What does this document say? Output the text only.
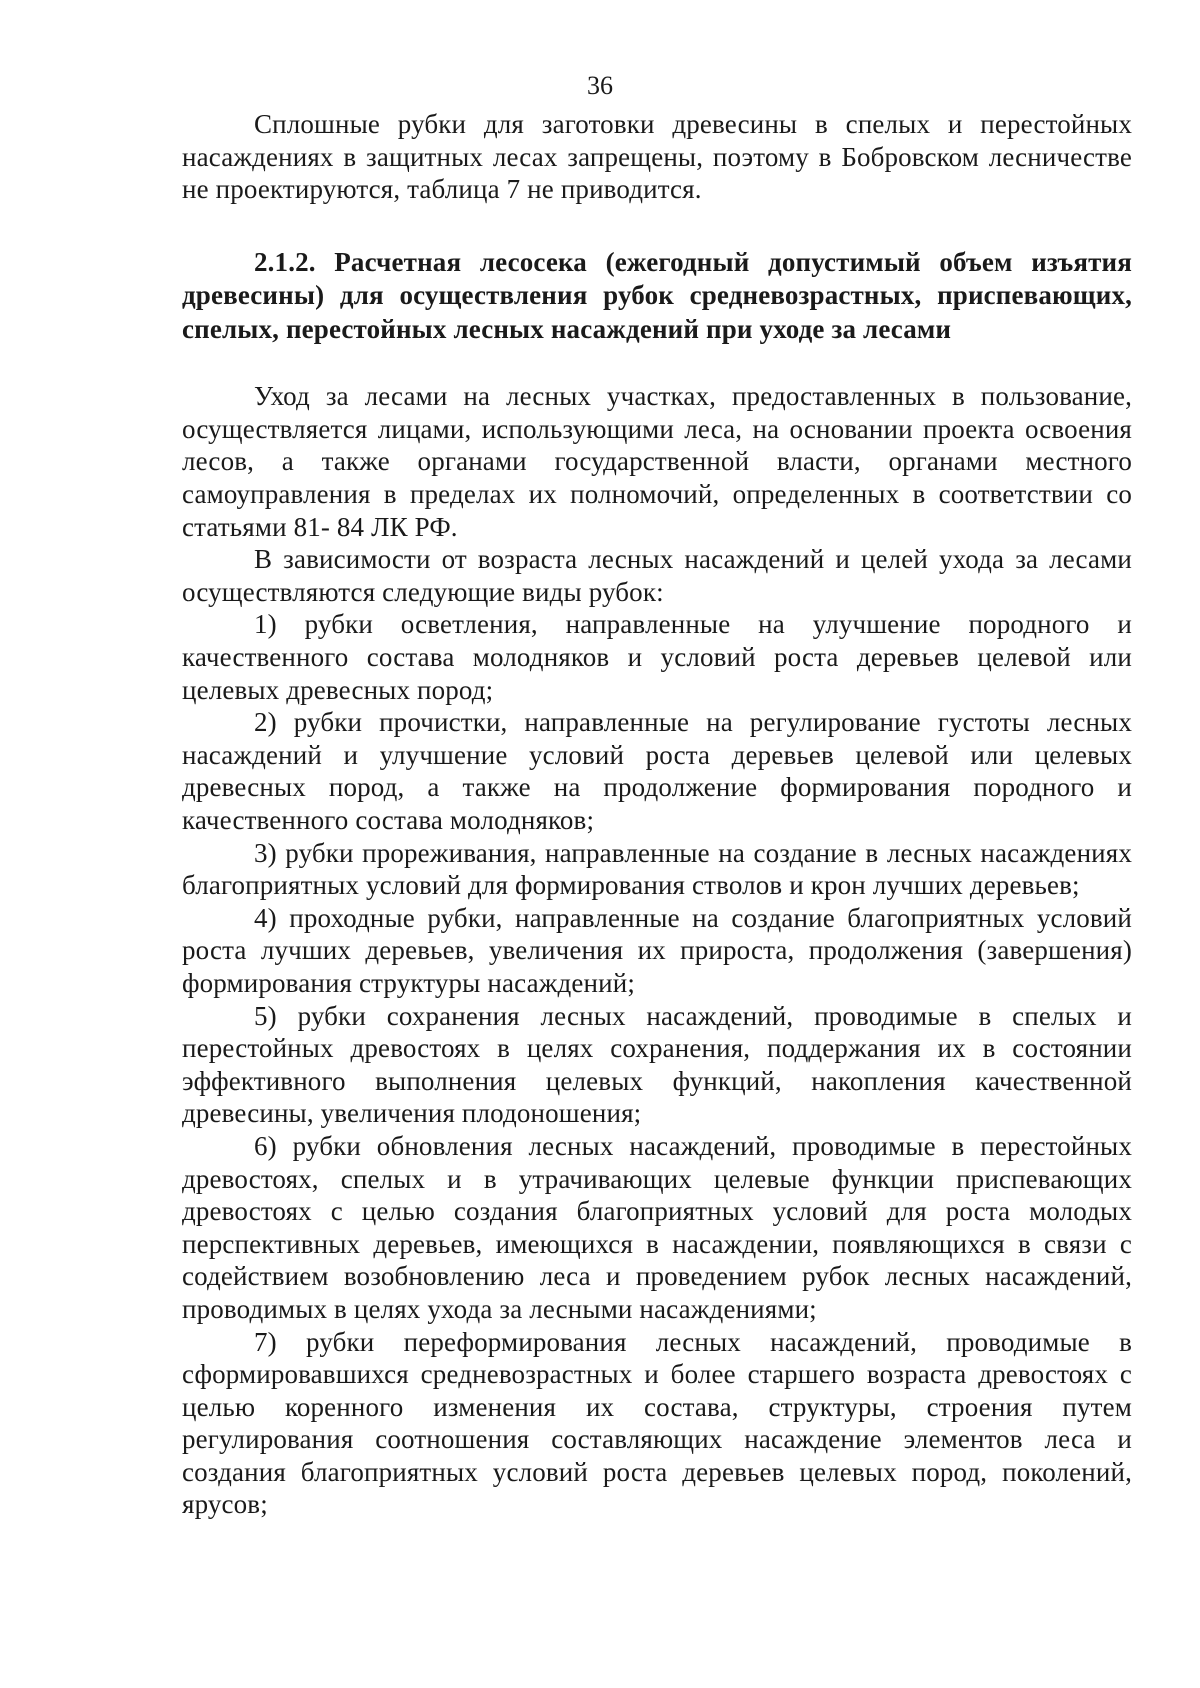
36

Сплошные рубки для заготовки древесины в спелых и перестойных насаждениях в защитных лесах запрещены, поэтому в Бобровском лесничестве не проектируются, таблица 7 не приводится.

2.1.2. Расчетная лесосека (ежегодный допустимый объем изъятия древесины) для осуществления рубок средневозрастных, приспевающих, спелых, перестойных лесных насаждений при уходе за лесами

Уход за лесами на лесных участках, предоставленных в пользование, осуществляется лицами, использующими леса, на основании проекта освоения лесов, а также органами государственной власти, органами местного самоуправления в пределах их полномочий, определенных в соответствии со статьями 81- 84 ЛК РФ.

В зависимости от возраста лесных насаждений и целей ухода за лесами осуществляются следующие виды рубок:

1) рубки осветления, направленные на улучшение породного и качественного состава молодняков и условий роста деревьев целевой или целевых древесных пород;

2) рубки прочистки, направленные на регулирование густоты лесных насаждений и улучшение условий роста деревьев целевой или целевых древесных пород, а также на продолжение формирования породного и качественного состава молодняков;

3) рубки прореживания, направленные на создание в лесных насаждениях благоприятных условий для формирования стволов и крон лучших деревьев;

4) проходные рубки, направленные на создание благоприятных условий роста лучших деревьев, увеличения их прироста, продолжения (завершения) формирования структуры насаждений;

5) рубки сохранения лесных насаждений, проводимые в спелых и перестойных древостоях в целях сохранения, поддержания их в состоянии эффективного выполнения целевых функций, накопления качественной древесины, увеличения плодоношения;

6) рубки обновления лесных насаждений, проводимые в перестойных древостоях, спелых и в утрачивающих целевые функции приспевающих древостоях с целью создания благоприятных условий для роста молодых перспективных деревьев, имеющихся в насаждении, появляющихся в связи с содействием возобновлению леса и проведением рубок лесных насаждений, проводимых в целях ухода за лесными насаждениями;

7) рубки переформирования лесных насаждений, проводимые в сформировавшихся средневозрастных и более старшего возраста древостоях с целью коренного изменения их состава, структуры, строения путем регулирования соотношения составляющих насаждение элементов леса и создания благоприятных условий роста деревьев целевых пород, поколений, ярусов;
